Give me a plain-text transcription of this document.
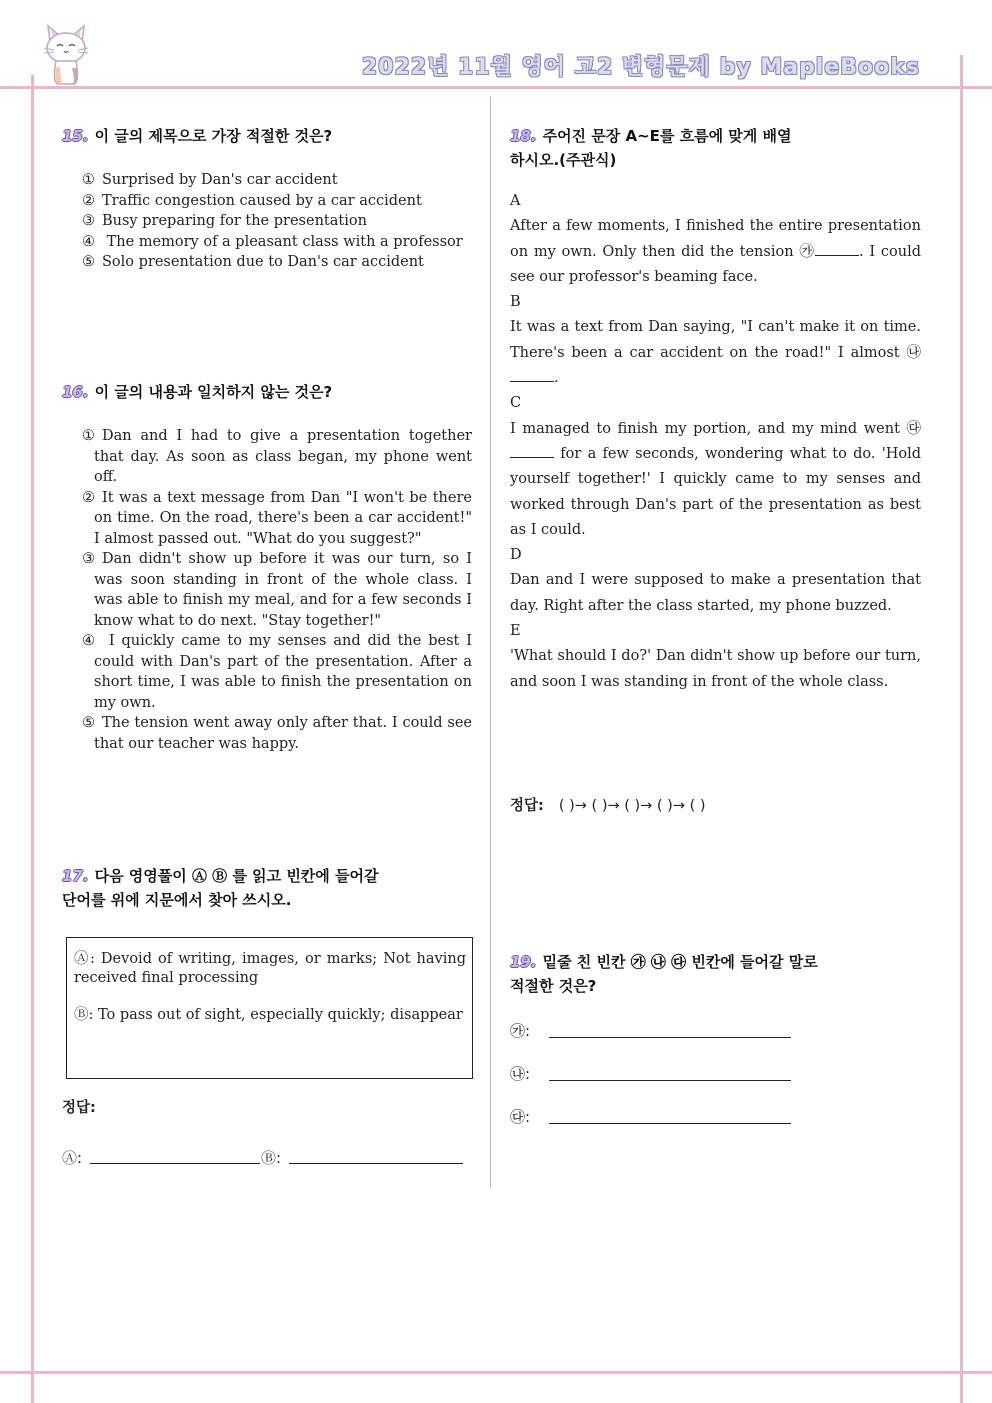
2022년 11월 영어 고2 변형문제 by MapleBooks
15. 이 글의 제목으로 가장 적절한 것은?
① Surprised by Dan's car accident
② Traffic congestion caused by a car accident
③ Busy preparing for the presentation
④ The memory of a pleasant class with a professor
⑤ Solo presentation due to Dan's car accident
16. 이 글의 내용과 일치하지 않는 것은?
① Dan and I had to give a presentation together that day. As soon as class began, my phone went off.
② It was a text message from Dan "I won't be there on time. On the road, there's been a car accident!" I almost passed out. "What do you suggest?"
③ Dan didn't show up before it was our turn, so I was soon standing in front of the whole class. I was able to finish my meal, and for a few seconds I know what to do next. "Stay together!"
④ I quickly came to my senses and did the best I could with Dan's part of the presentation. After a short time, I was able to finish the presentation on my own.
⑤ The tension went away only after that. I could see that our teacher was happy.
17. 다음 영영풀이 Ⓐ Ⓑ 를 읽고 빈칸에 들어갈
단어를 위에 지문에서 찾아 쓰시오.
Ⓐ: Devoid of writing, images, or marks; Not having received final processing
Ⓑ: To pass out of sight, especially quickly; disappear
정답:
Ⓐ:	Ⓑ:
18. 주어진 문장 A~E를 흐름에 맞게 배열
하시오.(주관식)
A
After a few moments, I finished the entire presentation on my own. Only then did the tension ㉮	. I could see our professor's beaming face.
B
It was a text from Dan saying, "I can't make it on time. There's been a car accident on the road!" I almost ㉯.
C
I managed to finish my portion, and my mind went ㉰ for a few seconds, wondering what to do. 'Hold yourself together!' I quickly came to my senses and worked through Dan's part of the presentation as best as I could.
D
Dan and I were supposed to make a presentation that day. Right after the class started, my phone buzzed.
E
'What should I do?' Dan didn't show up before our turn, and soon I was standing in front of the whole class.
정답: ( )→ ( )→ ( )→ ( )→ ( )
19. 밑줄 친 빈칸 ㉮ ㉯ ㉰ 빈칸에 들어갈 말로
적절한 것은?
㉮:
㉯:
㉰:
